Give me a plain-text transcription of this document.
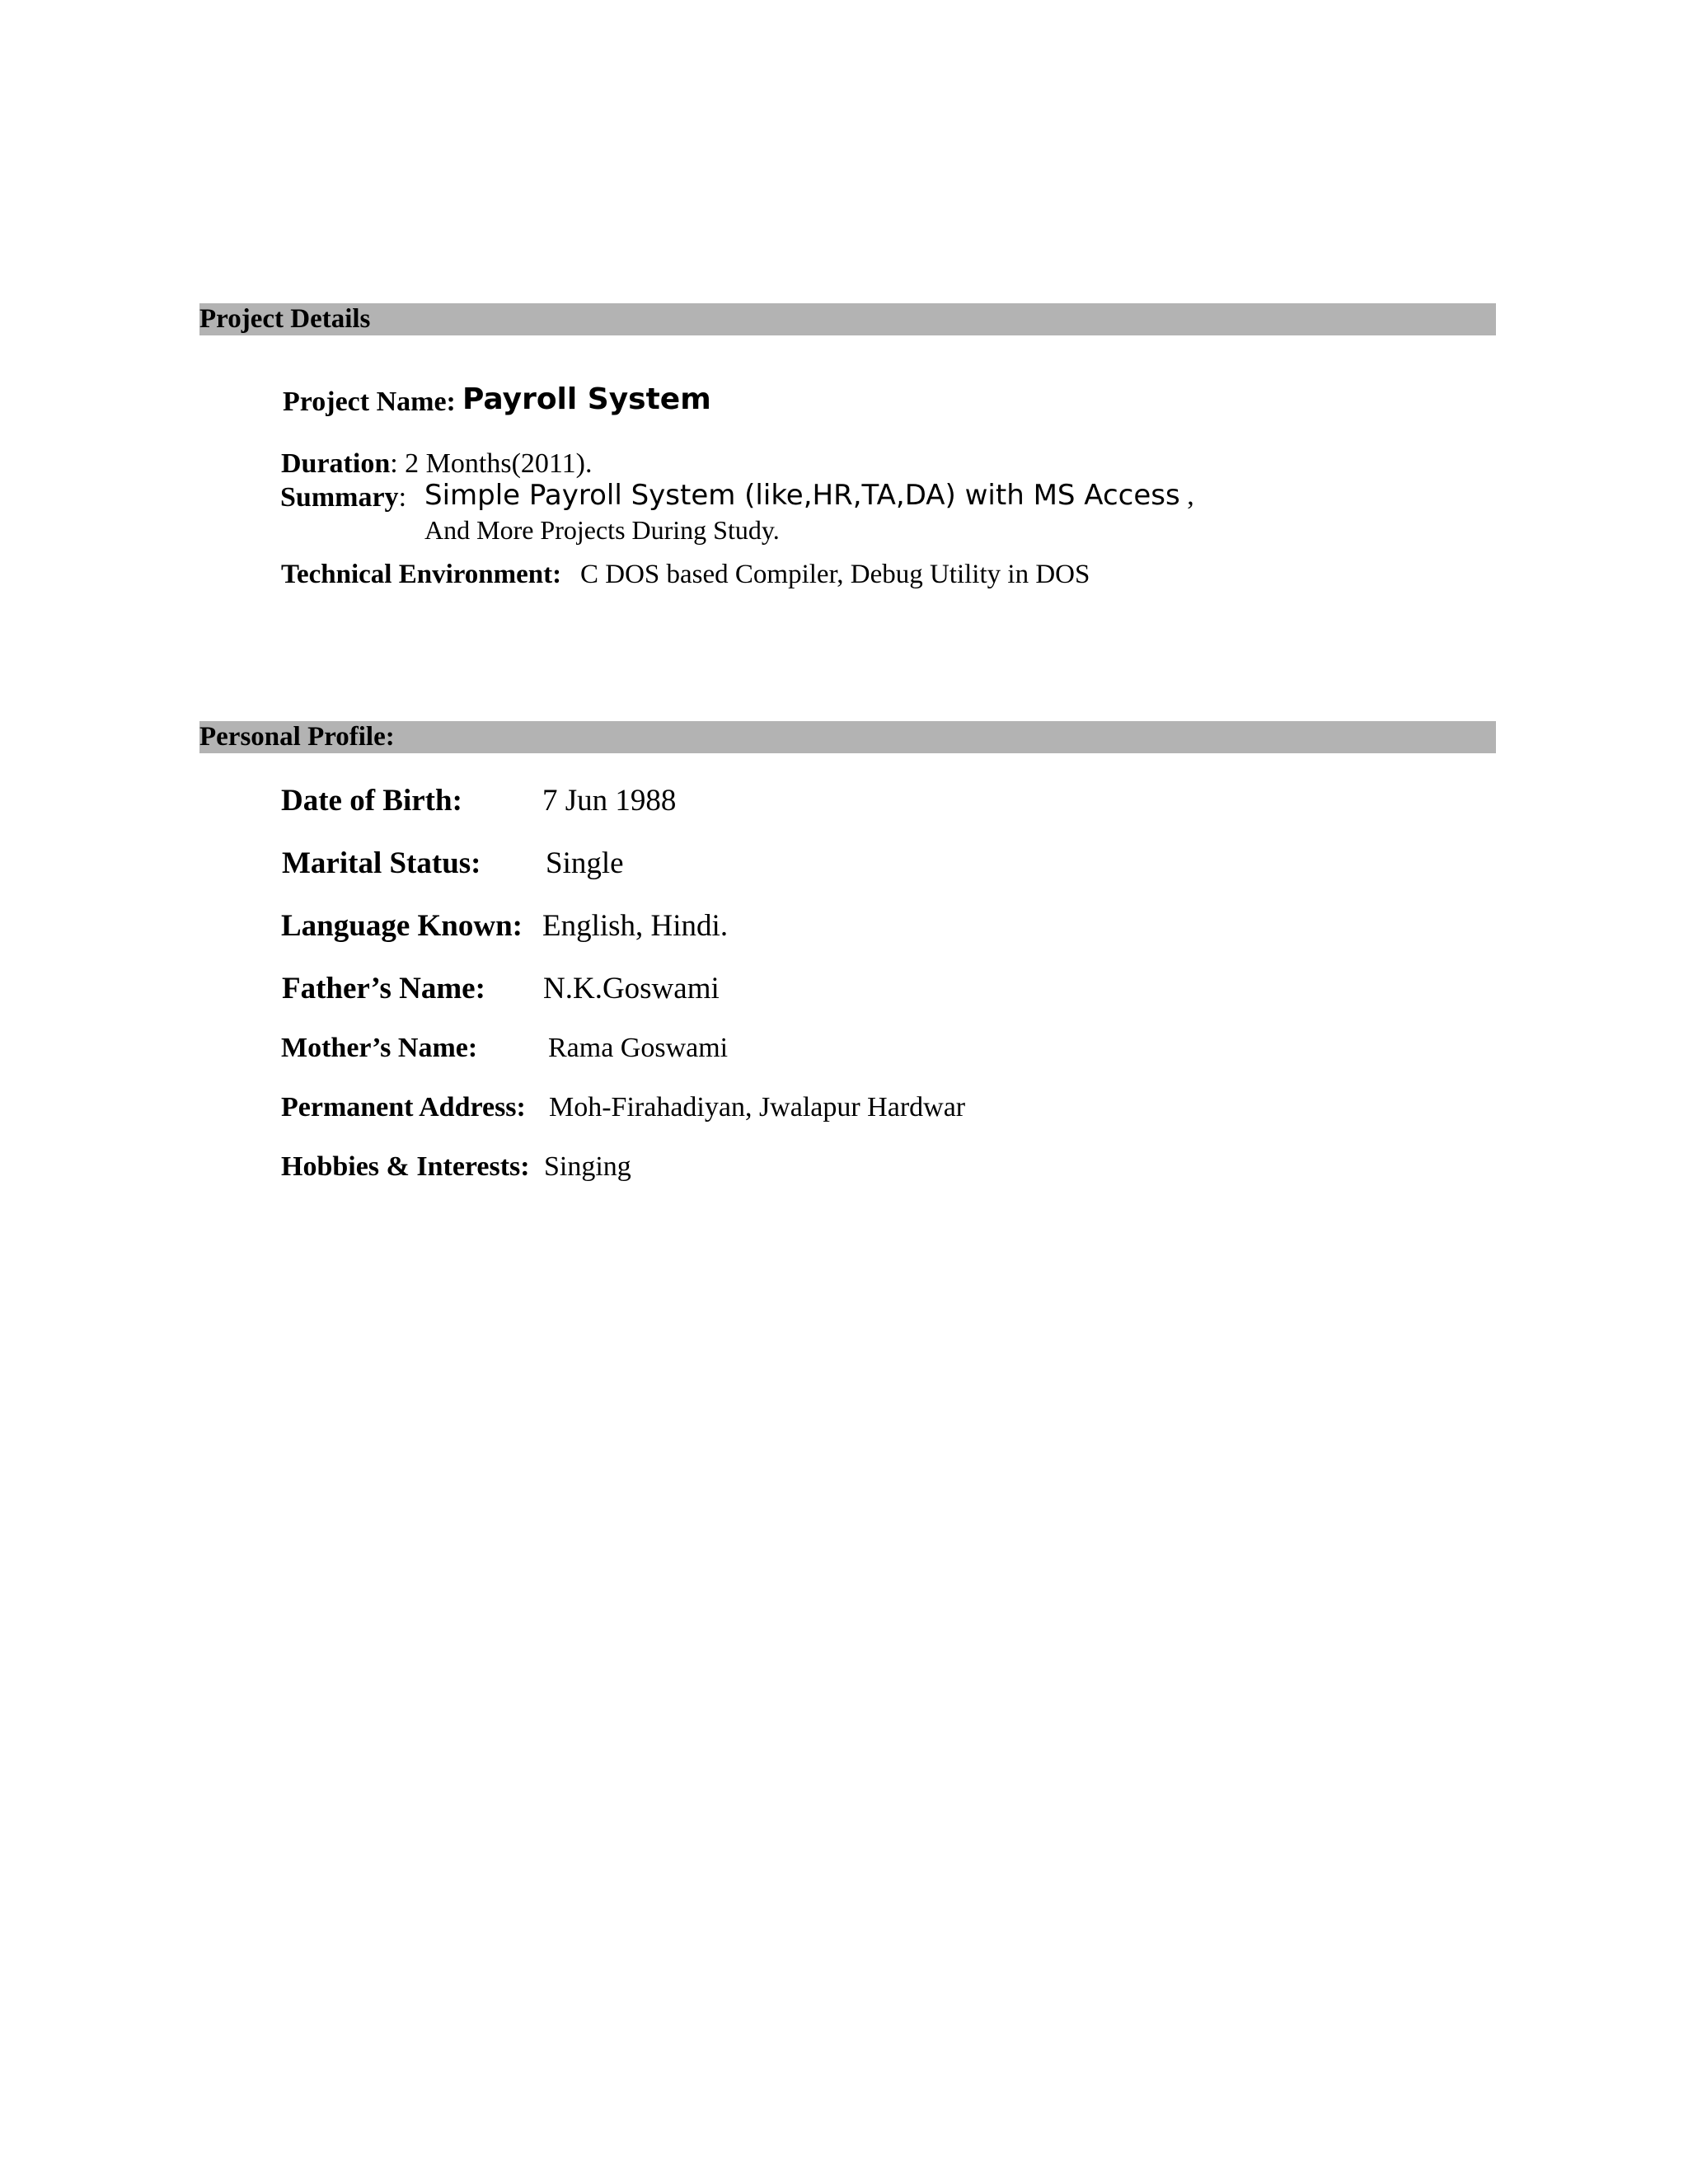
Project Details
Project Name: Payroll System
Duration: 2 Months(2011).
Summary: Simple Payroll System (like,HR,TA,DA) with MS Access ,
And More Projects During Study.
Technical Environment: C DOS based Compiler, Debug Utility in DOS
Personal Profile:
Date of Birth:	7 Jun 1988
Marital Status: Single
Language Known: English, Hindi.
Father’s Name: N.K.Goswami
Mother’s Name:	Rama Goswami
Permanent Address: Moh-Firahadiyan, Jwalapur Hardwar
Hobbies & Interests: Singing
